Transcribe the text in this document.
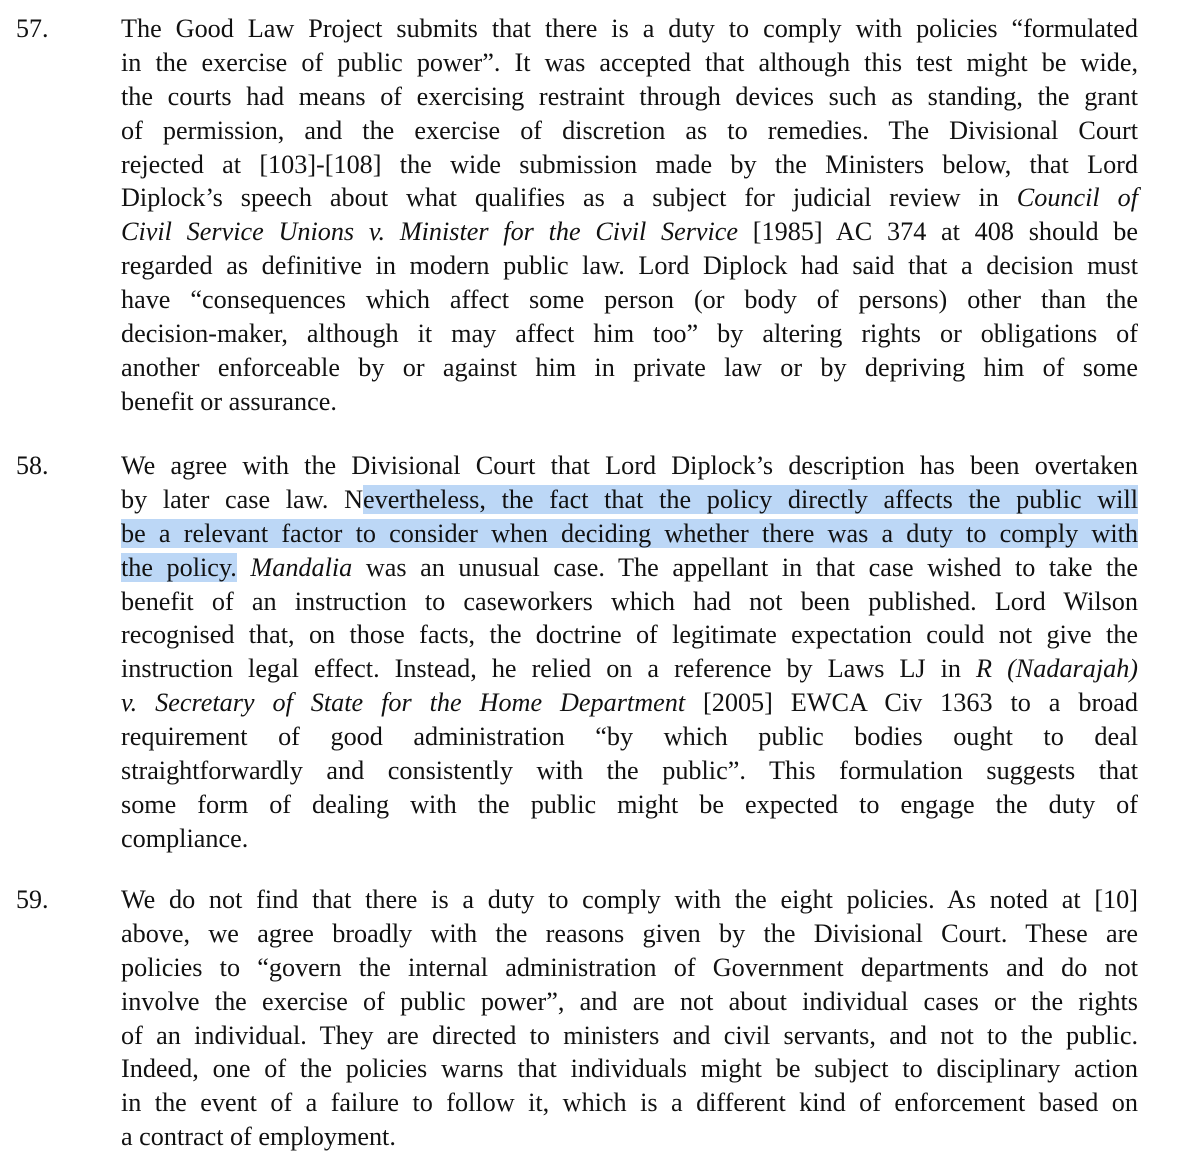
57.	The Good Law Project submits that there is a duty to comply with policies “formulated
in the exercise of public power”. It was accepted that although this test might be wide,
the courts had means of exercising restraint through devices such as standing, the grant
of permission, and the exercise of discretion as to remedies. The Divisional Court
rejected at [103]-[108] the wide submission made by the Ministers below, that Lord
Diplock’s speech about what qualifies as a subject for judicial review in Council of
Civil Service Unions v. Minister for the Civil Service [1985] AC 374 at 408 should be
regarded as definitive in modern public law. Lord Diplock had said that a decision must
have “consequences which affect some person (or body of persons) other than the
decision-maker, although it may affect him too” by altering rights or obligations of
another enforceable by or against him in private law or by depriving him of some
benefit or assurance.
58.	We agree with the Divisional Court that Lord Diplock’s description has been overtaken
by later case law. Nevertheless, the fact that the policy directly affects the public will
be a relevant factor to consider when deciding whether there was a duty to comply with
the policy. Mandalia was an unusual case. The appellant in that case wished to take the
benefit of an instruction to caseworkers which had not been published. Lord Wilson
recognised that, on those facts, the doctrine of legitimate expectation could not give the
instruction legal effect. Instead, he relied on a reference by Laws LJ in R (Nadarajah)
v. Secretary of State for the Home Department [2005] EWCA Civ 1363 to a broad
requirement of good administration “by which public bodies ought to deal
straightforwardly and consistently with the public”. This formulation suggests that
some form of dealing with the public might be expected to engage the duty of
compliance.
59.	We do not find that there is a duty to comply with the eight policies. As noted at [10]
above, we agree broadly with the reasons given by the Divisional Court. These are
policies to “govern the internal administration of Government departments and do not
involve the exercise of public power”, and are not about individual cases or the rights
of an individual. They are directed to ministers and civil servants, and not to the public.
Indeed, one of the policies warns that individuals might be subject to disciplinary action
in the event of a failure to follow it, which is a different kind of enforcement based on
a contract of employment.
